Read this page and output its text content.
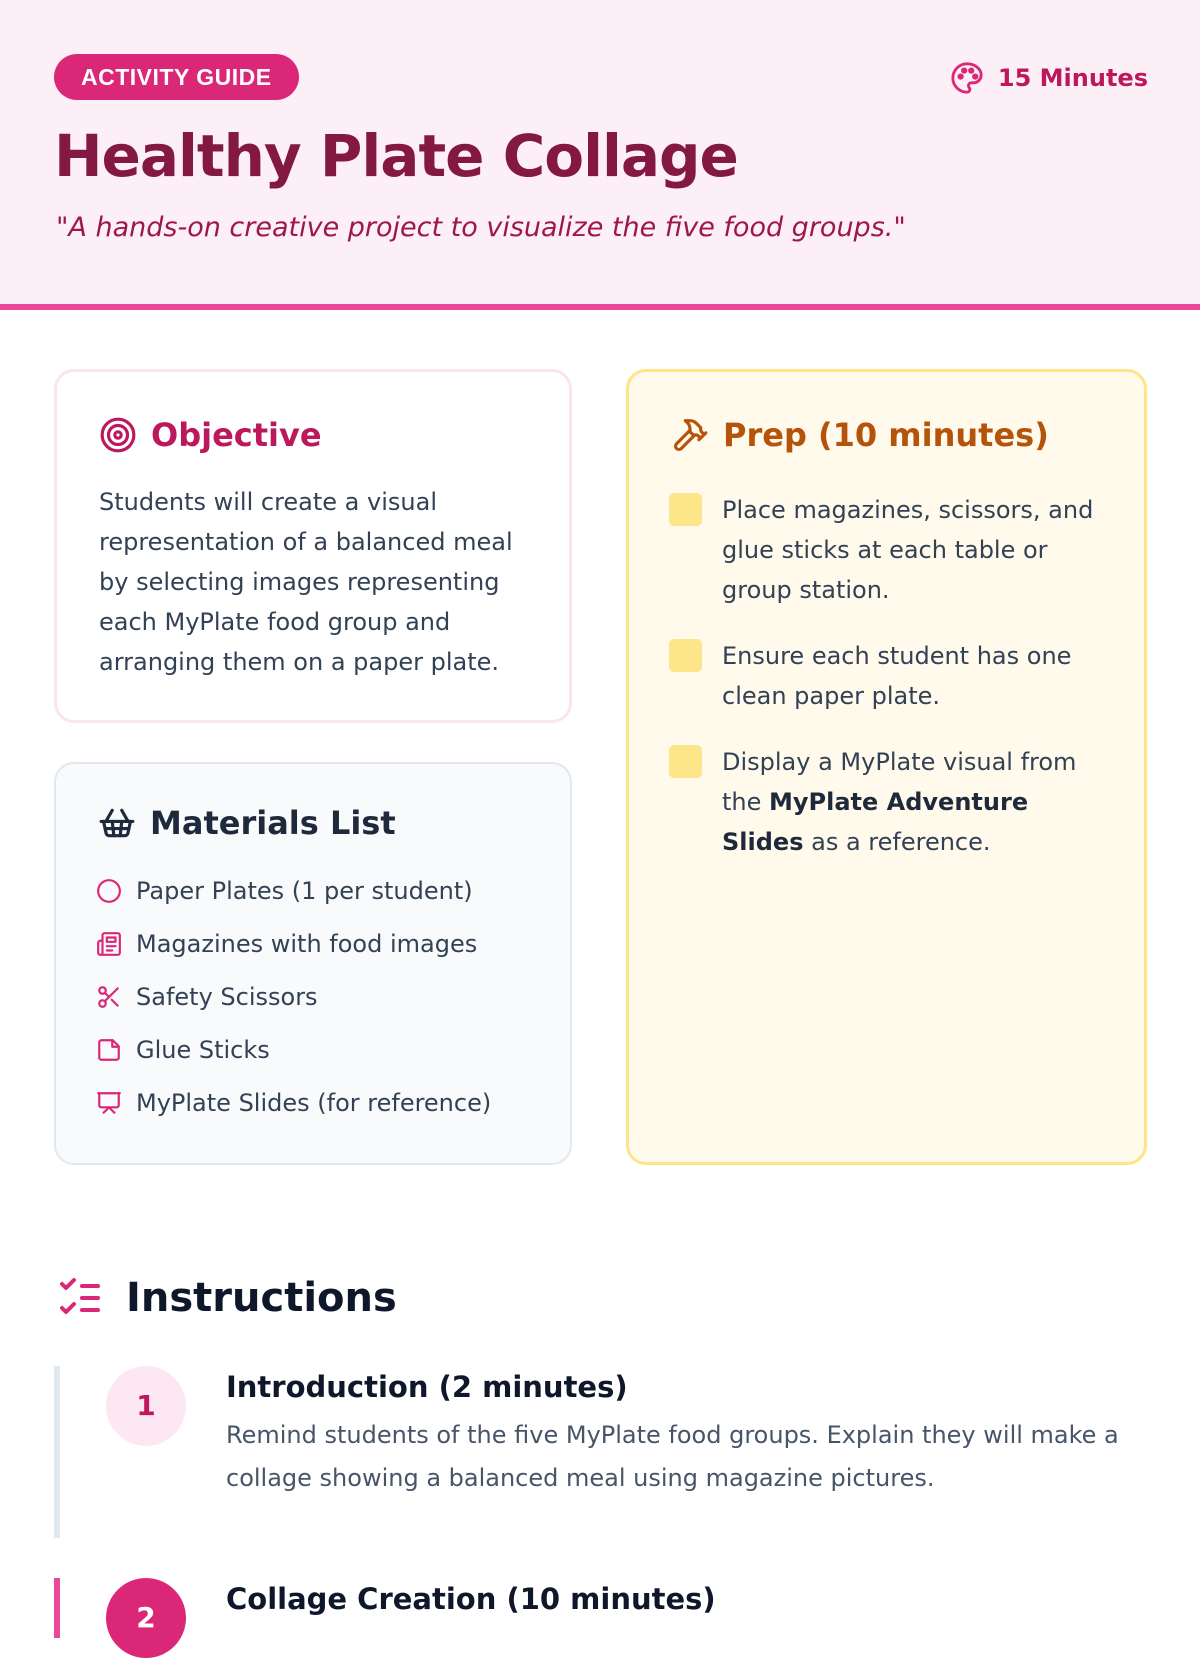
ACTIVITY GUIDE	15 Minutes
Healthy Plate Collage

"A hands-on creative project to visualize the five food groups."

Objective

Students will create a visual representation of a balanced meal by selecting images representing each MyPlate food group and arranging them on a paper plate.

Materials List
Paper Plates (1 per student)
Magazines with food images
Safety Scissors
Glue Sticks
MyPlate Slides (for reference)
Prep (10 minutes)
Place magazines, scissors, and glue sticks at each table or group station.
Ensure each student has one clean paper plate.
Display a MyPlate visual from the MyPlate Adventure Slides as a reference.
Instructions
1
Introduction (2 minutes)

Remind students of the five MyPlate food groups. Explain they will make a collage showing a balanced meal using magazine pictures.

2
Collage Creation (10 minutes)
